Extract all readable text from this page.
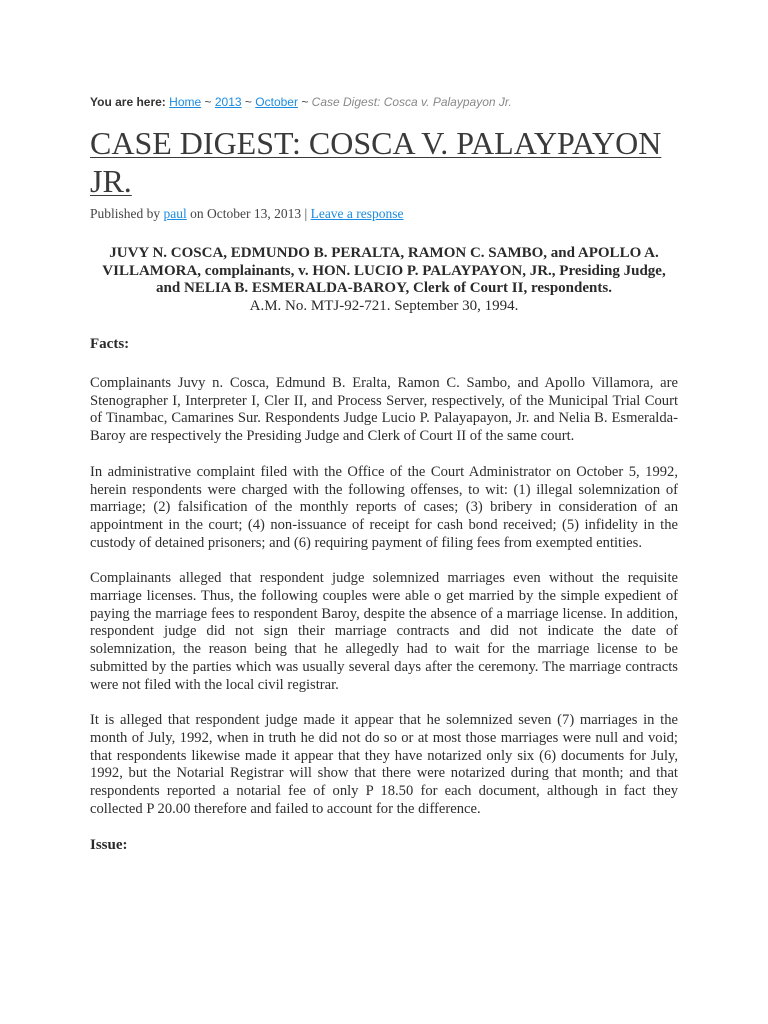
You are here: Home ~ 2013 ~ October ~ Case Digest: Cosca v. Palaypayon Jr.
CASE DIGEST: COSCA V. PALAYPAYON JR.
Published by paul on October 13, 2013 | Leave a response
JUVY N. COSCA, EDMUNDO B. PERALTA, RAMON C. SAMBO, and APOLLO A. VILLAMORA, complainants, v. HON. LUCIO P. PALAYPAYON, JR., Presiding Judge, and NELIA B. ESMERALDA-BAROY, Clerk of Court II, respondents.
A.M. No. MTJ-92-721. September 30, 1994.
Facts:

Complainants Juvy n. Cosca, Edmund B. Eralta, Ramon C. Sambo, and Apollo Villamora, are Stenographer I, Interpreter I, Cler II, and Process Server, respectively, of the Municipal Trial Court of Tinambac, Camarines Sur. Respondents Judge Lucio P. Palayapayon, Jr. and Nelia B. Esmeralda-Baroy are respectively the Presiding Judge and Clerk of Court II of the same court.

In administrative complaint filed with the Office of the Court Administrator on October 5, 1992, herein respondents were charged with the following offenses, to wit: (1) illegal solemnization of marriage; (2) falsification of the monthly reports of cases; (3) bribery in consideration of an appointment in the court; (4) non-issuance of receipt for cash bond received; (5) infidelity in the custody of detained prisoners; and (6) requiring payment of filing fees from exempted entities.

Complainants alleged that respondent judge solemnized marriages even without the requisite marriage licenses. Thus, the following couples were able o get married by the simple expedient of paying the marriage fees to respondent Baroy, despite the absence of a marriage license. In addition, respondent judge did not sign their marriage contracts and did not indicate the date of solemnization, the reason being that he allegedly had to wait for the marriage license to be submitted by the parties which was usually several days after the ceremony. The marriage contracts were not filed with the local civil registrar.

It is alleged that respondent judge made it appear that he solemnized seven (7) marriages in the month of July, 1992, when in truth he did not do so or at most those marriages were null and void; that respondents likewise made it appear that they have notarized only six (6) documents for July, 1992, but the Notarial Registrar will show that there were notarized during that month; and that respondents reported a notarial fee of only P 18.50 for each document, although in fact they collected P 20.00 therefore and failed to account for the difference.

Issue:
